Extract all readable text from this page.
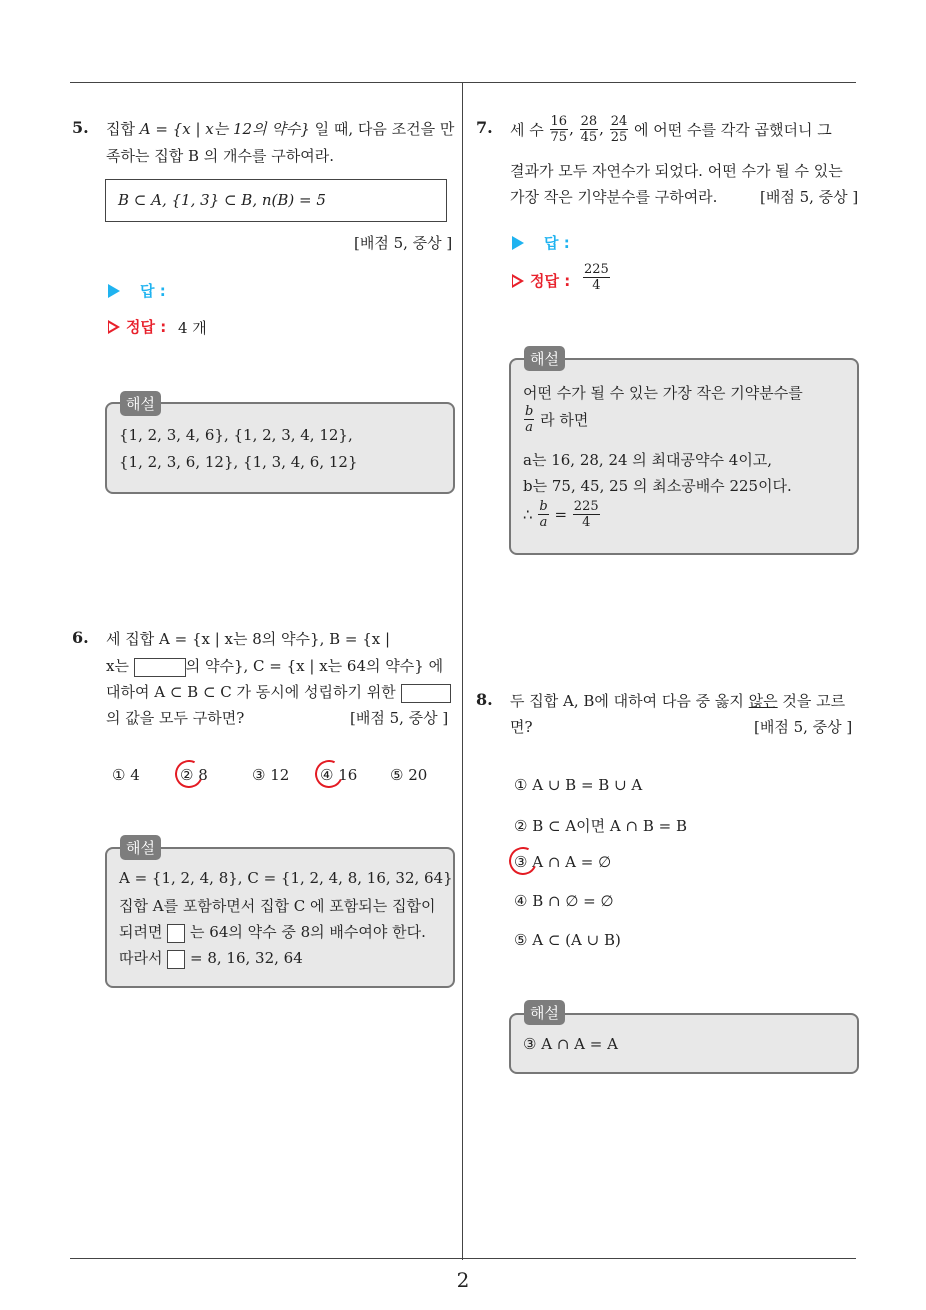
2
5. 집합 A = {x | x는 12의 약수} 일 때, 다음 조건을 만
족하는 집합 B 의 개수를 구하여라.
B ⊂ A, {1, 3} ⊂ B, n(B) = 5
[배점 5, 중상 ]
답 :
정답 : 4 개
{1, 2, 3, 4, 6}, {1, 2, 3, 4, 12},
{1, 2, 3, 6, 12}, {1, 3, 4, 6, 12}
해설
6. 세 집합 A = {x | x는 8의 약수}, B = {x |
x는	의 약수}, C = {x | x는 64의 약수} 에
대하여 A ⊂ B ⊂ C 가 동시에 성립하기 위한
의 값을 모두 구하면?	[배점 5, 중상 ]
① 4	② 8	③ 12 ④ 16 ⑤ 20
A = {1, 2, 4, 8}, C = {1, 2, 4, 8, 16, 32, 64}
집합 A를 포함하면서 집합 C 에 포함되는 집합이
되려면  는 64의 약수 중 8의 배수여야 한다.
따라서  = 8, 16, 32, 64
해설
7. 세 수 $\frac{16}{75}$ , $\frac{28}{45}$ , $\frac{24}{25}$ 에 어떤 수를 각각 곱했더니 그
결과가 모두 자연수가 되었다. 어떤 수가 될 수 있는
가장 작은 기약분수를 구하여라.	[배점 5, 중상 ]
답 :
정답 : $\frac{225}{4}$
어떤 수가 될 수 있는 가장 작은 기약분수를
$\frac{b}{a}$ 라 하면
a는 16, 28, 24 의 최대공약수 4이고,
b는 75, 45, 25 의 최소공배수 225이다.
∴ $\frac{b}{a} = \frac{225}{4}$
해설
8. 두 집합 A, B에 대하여 다음 중 옳지 않은 것을 고르
면?	[배점 5, 중상 ]
① A ∪ B = B ∪ A
② B ⊂ A이면 A ∩ B = B
③ A ∩ A = ∅
④ B ∩ ∅ = ∅
⑤ A ⊂ (A ∪ B)
③ A ∩ A = A
해설
